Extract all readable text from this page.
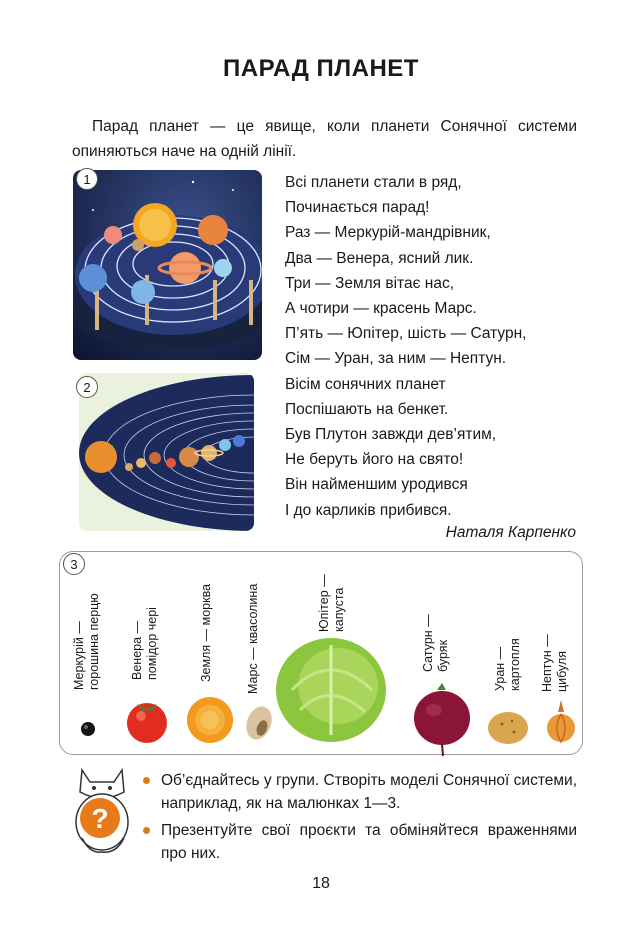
ПАРАД ПЛАНЕТ
Парад планет — це явище, коли планети Сонячної системи опиняються наче на одній лінії.
1
2
Всі планети стали в ряд,
Починається парад!
Раз — Меркурій-мандрівник,
Два — Венера, ясний лик.
Три — Земля вітає нас,
А чотири — красень Марс.
П’ять — Юпітер, шість — Сатурн,
Сім — Уран, за ним — Нептун.
Вісім сонячних планет
Поспішають на бенкет.
Був Плутон завжди дев’ятим,
Не беруть його на свято!
Він найменшим уродився
І до карликів прибився.
Наталя Карпенко
3
Меркурій — горошина перцю Венера — помідор чері	Земля — морква	Марс — квасолина	Юпітер — капуста
Сатурн — буряк	Уран — картопля Нептун — цибуля
?
Об’єднайтесь у групи. Створіть моделі Сонячної системи, наприклад, як на малюнках 1—3.
Презентуйте свої проєкти та обміняйтеся враженнями про них.
18
